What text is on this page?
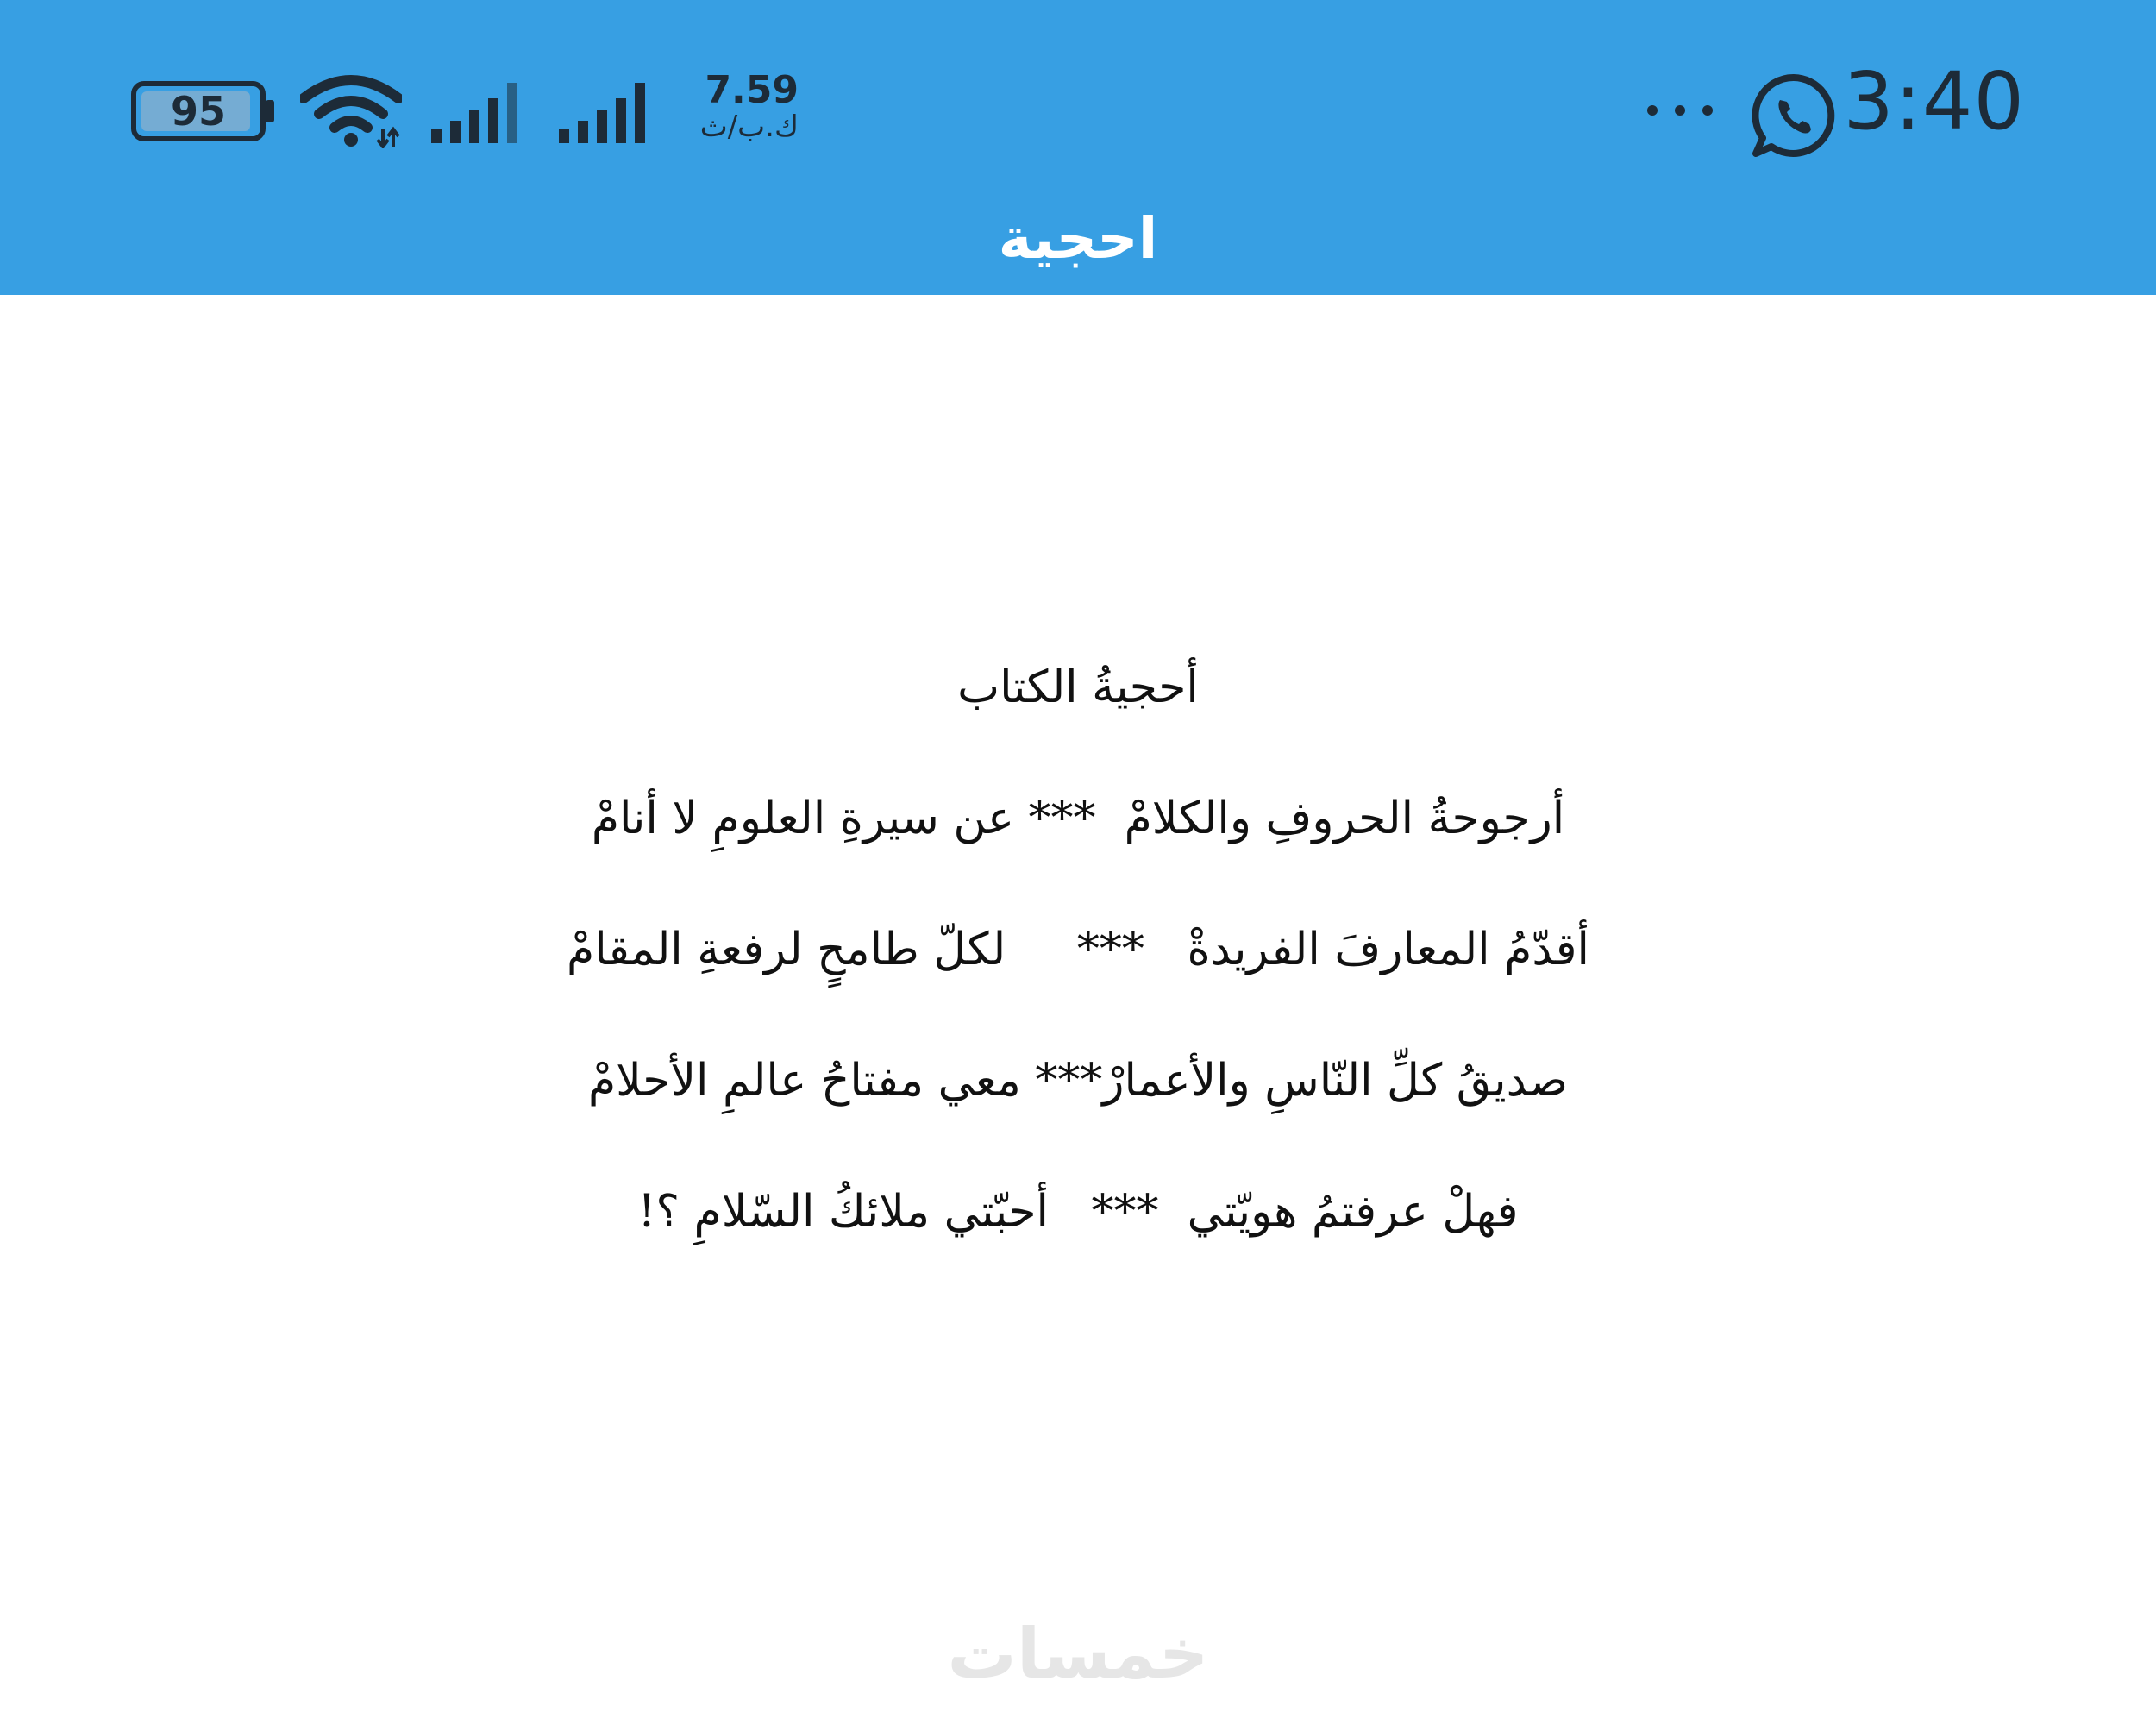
95	7.59
ك.ب/ث	3:40
احجية
أحجيةُ الكتاب
أرجوحةُ الحروفِ والكلامْ  *** عن سيرةِ العلومِ لا أنامْ
أقدّمُ المعارفَ الفريدةْ   ***     لكلّ طامحٍ لرفعةِ المقامْ
صديقُ كلِّ النّاسِ والأعمارْ*** معي مفتاحُ عالمِ الأحلامْ
فهلْ عرفتمُ هويّتي  ***   أحبّتي ملائكُ السّلامِ ؟!
خمسات
